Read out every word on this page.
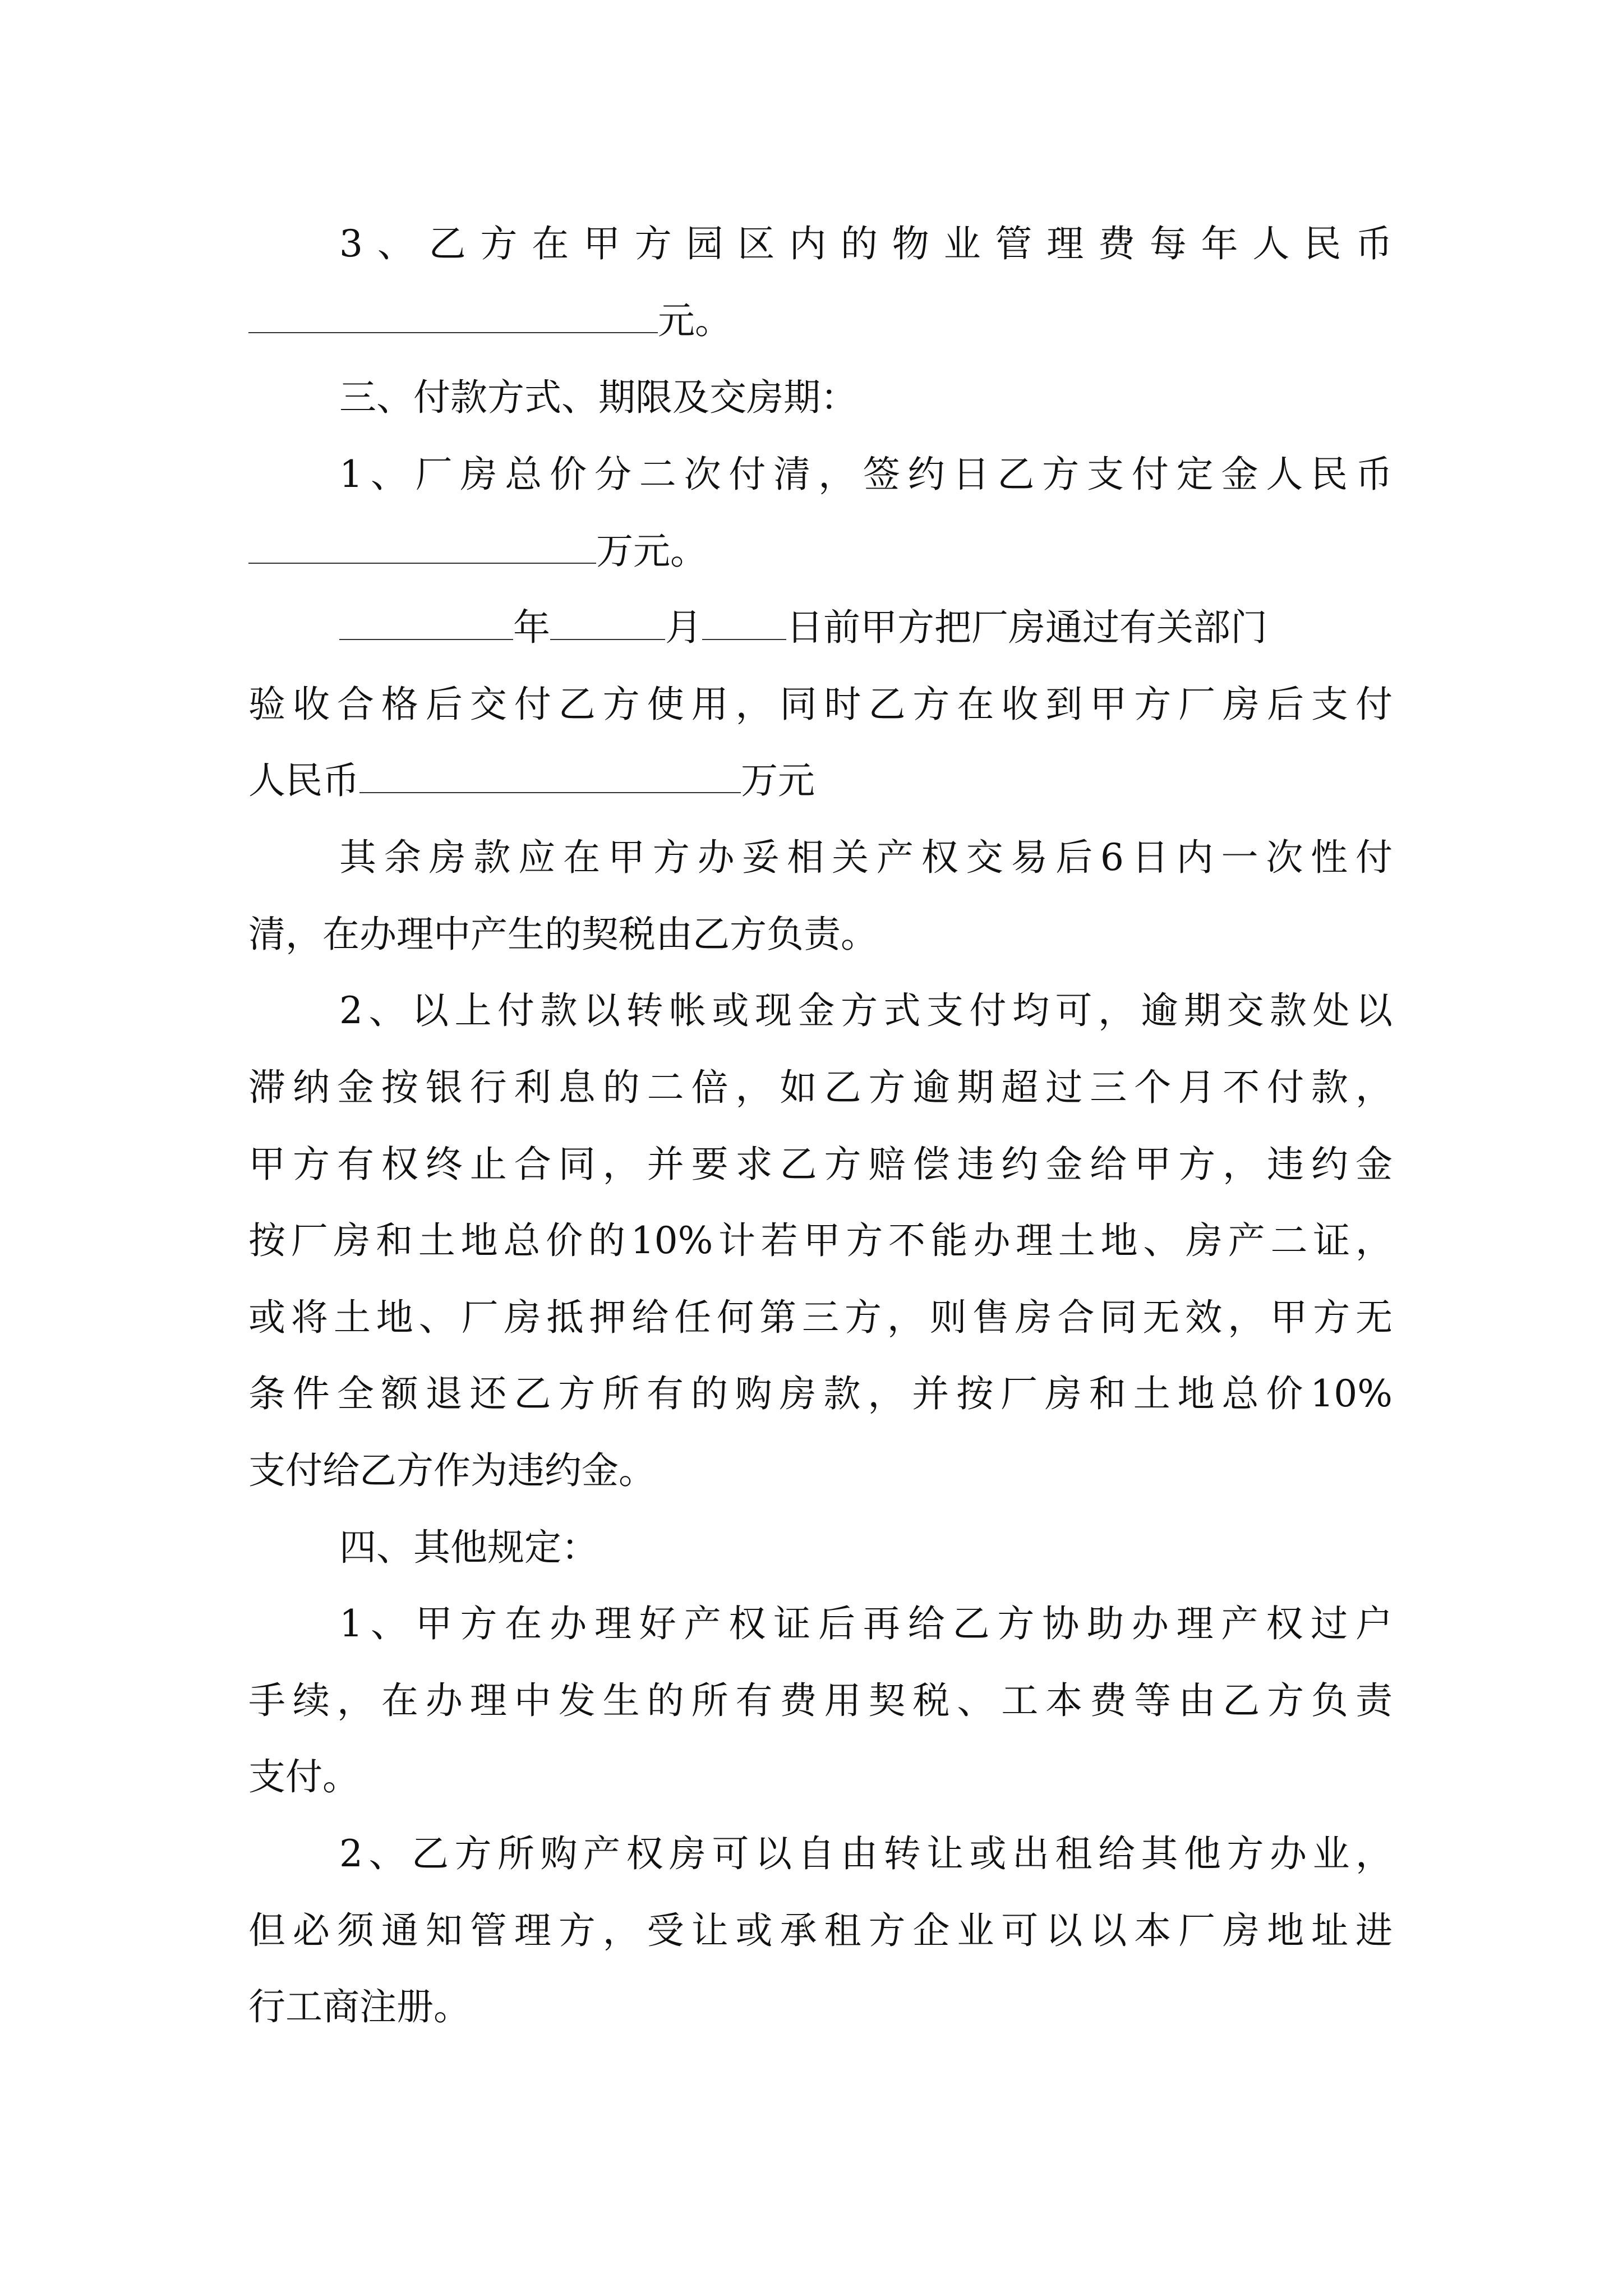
3、乙方在甲方园区内的物业管理费每年人民币

元。

三、付款方式、期限及交房期：

1、厂房总价分二次付清，签约日乙方支付定金人民币

万元。

年	月 日前甲方把厂房通过有关部门

验收合格后交付乙方使用，同时乙方在收到甲方厂房后支付

人民币	万元

其余房款应在甲方办妥相关产权交易后6日内一次性付

清，在办理中产生的契税由乙方负责。

2、以上付款以转帐或现金方式支付均可，逾期交款处以

滞纳金按银行利息的二倍，如乙方逾期超过三个月不付款，

甲方有权终止合同，并要求乙方赔偿违约金给甲方，违约金

按厂房和土地总价的10%计若甲方不能办理土地、房产二证，

或将土地、厂房抵押给任何第三方，则售房合同无效，甲方无

条件全额退还乙方所有的购房款，并按厂房和土地总价10%

支付给乙方作为违约金。

四、其他规定：

1、甲方在办理好产权证后再给乙方协助办理产权过户

手续，在办理中发生的所有费用契税、工本费等由乙方负责

支付。

2、乙方所购产权房可以自由转让或出租给其他方办业，

但必须通知管理方，受让或承租方企业可以以本厂房地址进

行工商注册。
